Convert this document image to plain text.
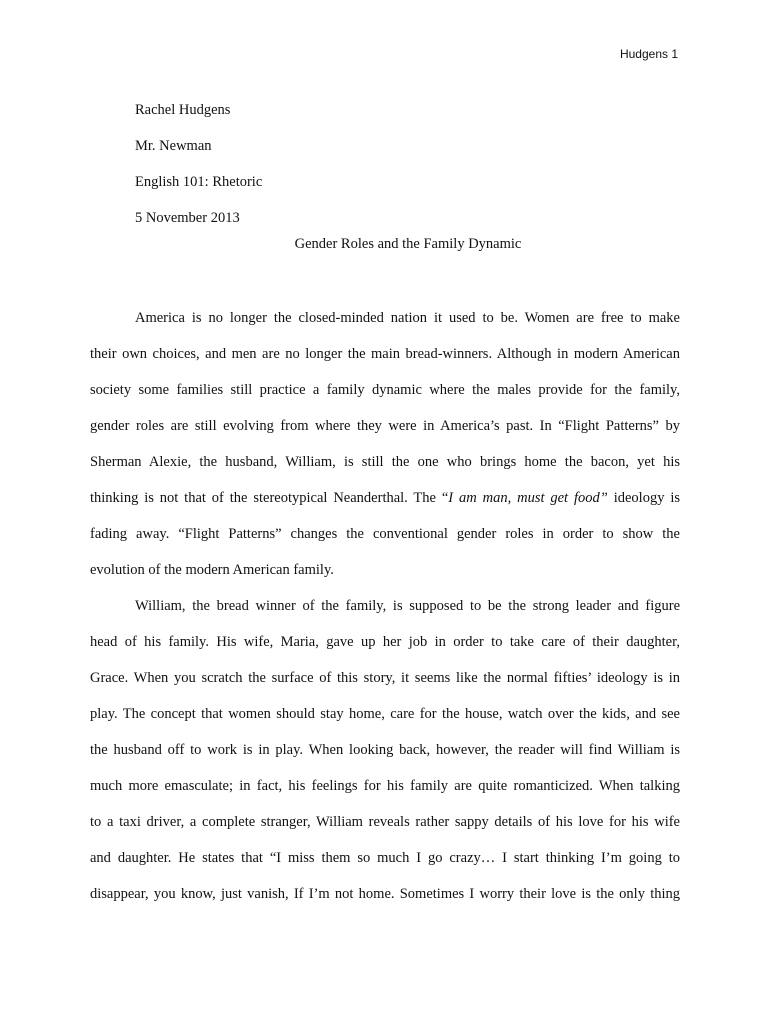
Hudgens 1
Rachel Hudgens
Mr. Newman
English 101: Rhetoric
5 November 2013
Gender Roles and the Family Dynamic
America is no longer the closed-minded nation it used to be. Women are free to make
their own choices, and men are no longer the main bread-winners. Although in modern American
society some families still practice a family dynamic where the males provide for the family,
gender roles are still evolving from where they were in America’s past. In “Flight Patterns” by
Sherman Alexie, the husband, William, is still the one who brings home the bacon, yet his
thinking is not that of the stereotypical Neanderthal. The “I am man, must get food” ideology is
fading away. “Flight Patterns” changes the conventional gender roles in order to show the
evolution of the modern American family.
William, the bread winner of the family, is supposed to be the strong leader and figure
head of his family. His wife, Maria, gave up her job in order to take care of their daughter,
Grace. When you scratch the surface of this story, it seems like the normal fifties’ ideology is in
play. The concept that women should stay home, care for the house, watch over the kids, and see
the husband off to work is in play. When looking back, however, the reader will find William is
much more emasculate; in fact, his feelings for his family are quite romanticized. When talking
to a taxi driver, a complete stranger, William reveals rather sappy details of his love for his wife
and daughter. He states that “I miss them so much I go crazy… I start thinking I’m going to
disappear, you know, just vanish, If I’m not home. Sometimes I worry their love is the only thing
